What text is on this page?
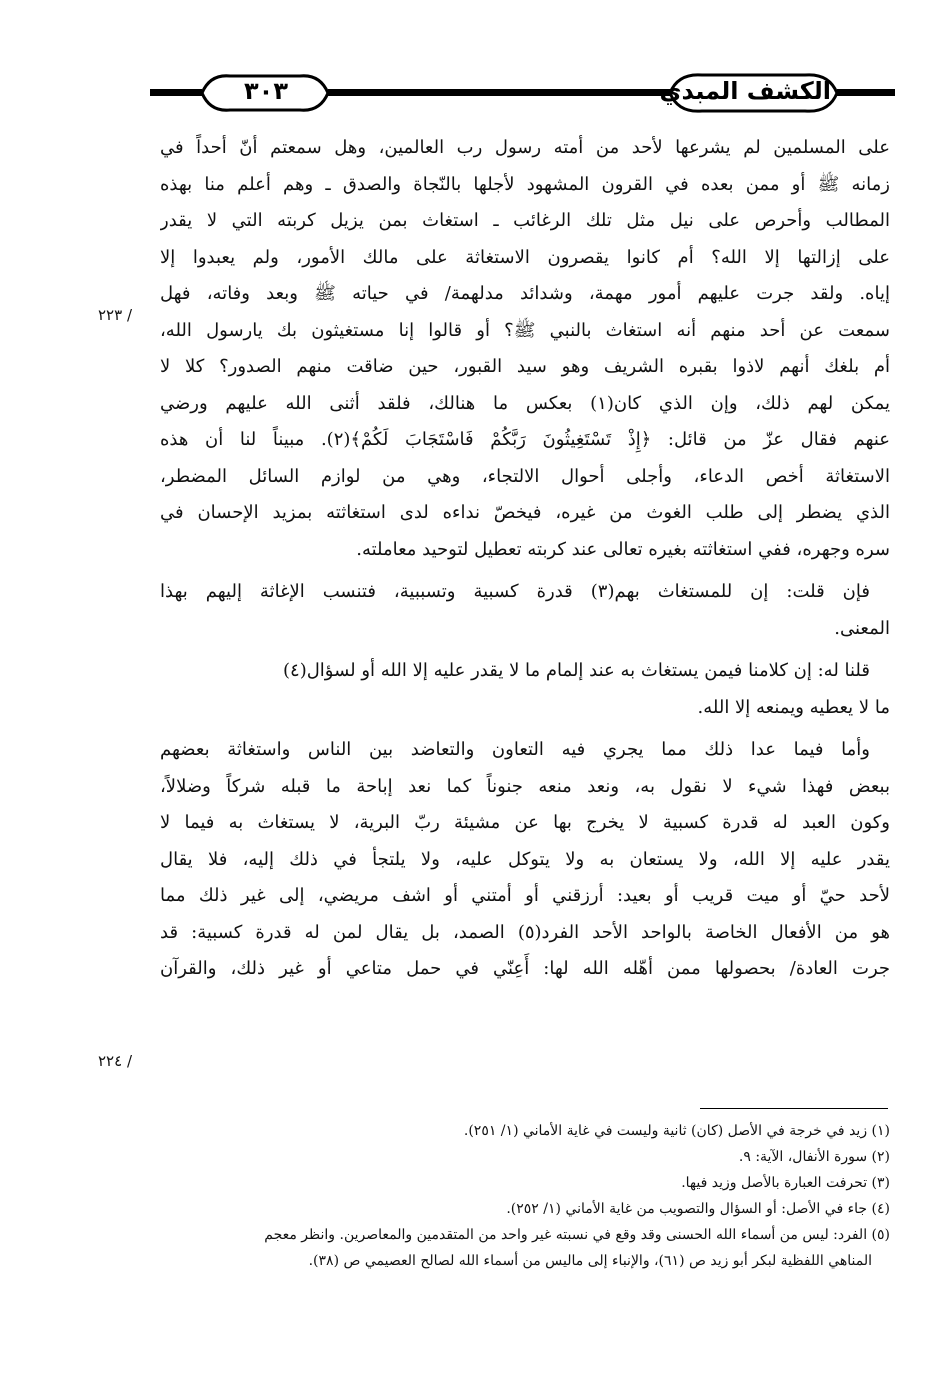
٣٠٣	الكشف المبدي
على المسلمين لم يشرعها لأحد من أمته رسول رب العالمين، وهل سمعتم أنّ أحداً في
زمانه ﷺ أو ممن بعده في القرون المشهود لأجلها بالنّجاة والصدق ـ وهم أعلم منا بهذه
المطالب وأحرص على نيل مثل تلك الرغائب ـ استغاث بمن يزيل كربته التي لا يقدر
على إزالتها إلا الله؟ أم كانوا يقصرون الاستغاثة على مالك الأمور، ولم يعبدوا إلا
إياه. ولقد جرت عليهم أمور مهمة، وشدائد مدلهمة/ في حياته ﷺ وبعد وفاته، فهل
سمعت عن أحد منهم أنه استغاث بالنبي ﷺ؟ أو قالوا إنا مستغيثون بك يارسول الله،
أم بلغك أنهم لاذوا بقبره الشريف وهو سيد القبور، حين ضاقت منهم الصدور؟ كلا لا
يمكن لهم ذلك، وإن الذي كان(١) بعكس ما هنالك، فلقد أثنى الله عليهم ورضي
عنهم فقال عزّ من قائل: ﴿إِذْ تَسْتَغِيثُونَ رَبَّكُمْ فَاسْتَجَابَ لَكُمْ﴾(٢). مبيناً لنا أن هذه
الاستغاثة أخص الدعاء، وأجلى أحوال الالتجاء، وهي من لوازم السائل المضطر،
الذي يضطر إلى طلب الغوث من غيره، فيخصّ نداءه لدى استغاثته بمزيد الإحسان في
سره وجهره، ففي استغاثته بغيره تعالى عند كربته تعطيل لتوحيد معاملته.
فإن قلت: إن للمستغاث بهم(٣) قدرة كسبية وتسببية، فتنسب الإغاثة إليهم بهذا
المعنى.
قلنا له: إن كلامنا فيمن يستغاث به عند إلمام ما لا يقدر عليه إلا الله أو لسؤال(٤)
ما لا يعطيه ويمنعه إلا الله.
وأما فيما عدا ذلك مما يجري فيه التعاون والتعاضد بين الناس واستغاثة بعضهم
ببعض فهذا شيء لا نقول به، ونعد منعه جنوناً كما نعد إباحة ما قبله شركاً وضلالاً،
وكون العبد له قدرة كسبية لا يخرج بها عن مشيئة ربّ البرية، لا يستغاث به فيما لا
يقدر عليه إلا الله، ولا يستعان به ولا يتوكل عليه، ولا يلتجأ في ذلك إليه، فلا يقال
لأحد حيّ أو ميت قريب أو بعيد: أرزقني أو أمتني أو اشف مريضي، إلى غير ذلك مما
هو من الأفعال الخاصة بالواحد الأحد الفرد(٥) الصمد، بل يقال لمن له قدرة كسبية: قد
جرت العادة/ بحصولها ممن أهّله الله لها: أَعِنّي في حمل متاعي أو غير ذلك، والقرآن
/ ٢٢٣
/ ٢٢٤
(١) زيد في خرجة في الأصل (كان) ثانية وليست في غاية الأماني (١/ ٢٥١).
(٢) سورة الأنفال، الآية: ٩.
(٣) تحرفت العبارة بالأصل وزيد فيها.
(٤) جاء في الأصل: أو السؤال والتصويب من غاية الأماني (١/ ٢٥٢).
(٥) الفرد: ليس من أسماء الله الحسنى وقد وقع في نسبته غير واحد من المتقدمين والمعاصرين. وانظر معجم
المناهي اللفظية لبكر أبو زيد ص (٦١)، والإنباء إلى ماليس من أسماء الله لصالح العصيمي ص (٣٨).
